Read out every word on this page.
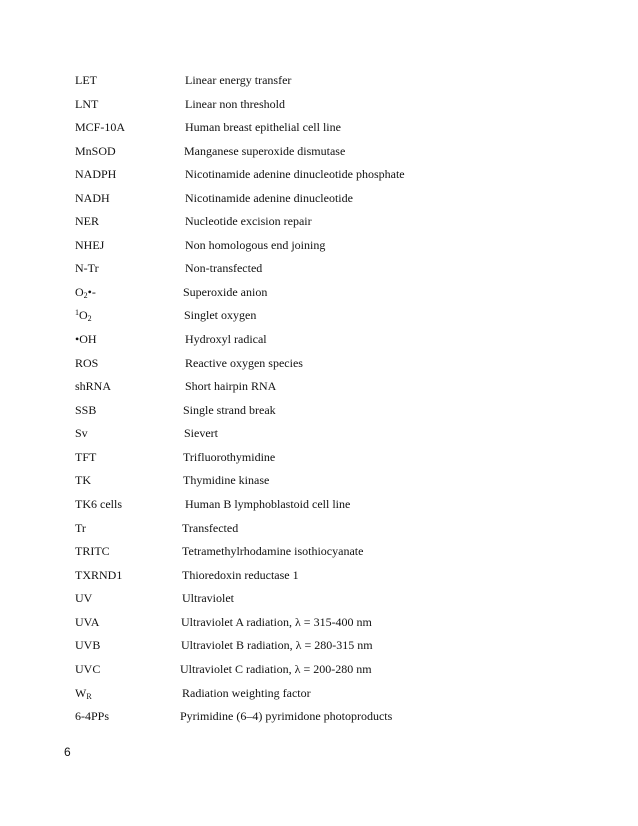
LET	Linear energy transfer
LNT	Linear non threshold
MCF-10A	Human breast epithelial cell line
MnSOD	Manganese superoxide dismutase
NADPH	Nicotinamide adenine dinucleotide phosphate
NADH	Nicotinamide adenine dinucleotide
NER	Nucleotide excision repair
NHEJ	Non homologous end joining
N-Tr	Non-transfected
$O_2•-$	Superoxide anion
$^1O_2$	Singlet oxygen
•OH	Hydroxyl radical
ROS	Reactive oxygen species
shRNA	Short hairpin RNA
SSB	Single strand break
Sv	Sievert
TFT	Trifluorothymidine
TK	Thymidine kinase
TK6 cells	Human B lymphoblastoid cell line
Tr	Transfected
TRITC	Tetramethylrhodamine isothiocyanate
TXRND1	Thioredoxin reductase 1
UV	Ultraviolet
UVA	Ultraviolet A radiation, λ = 315-400 nm
UVB	Ultraviolet B radiation, λ = 280-315 nm
UVC	Ultraviolet C radiation, λ = 200-280 nm
$W_R$	Radiation weighting factor
6-4PPs	Pyrimidine (6–4) pyrimidone photoproducts
6
